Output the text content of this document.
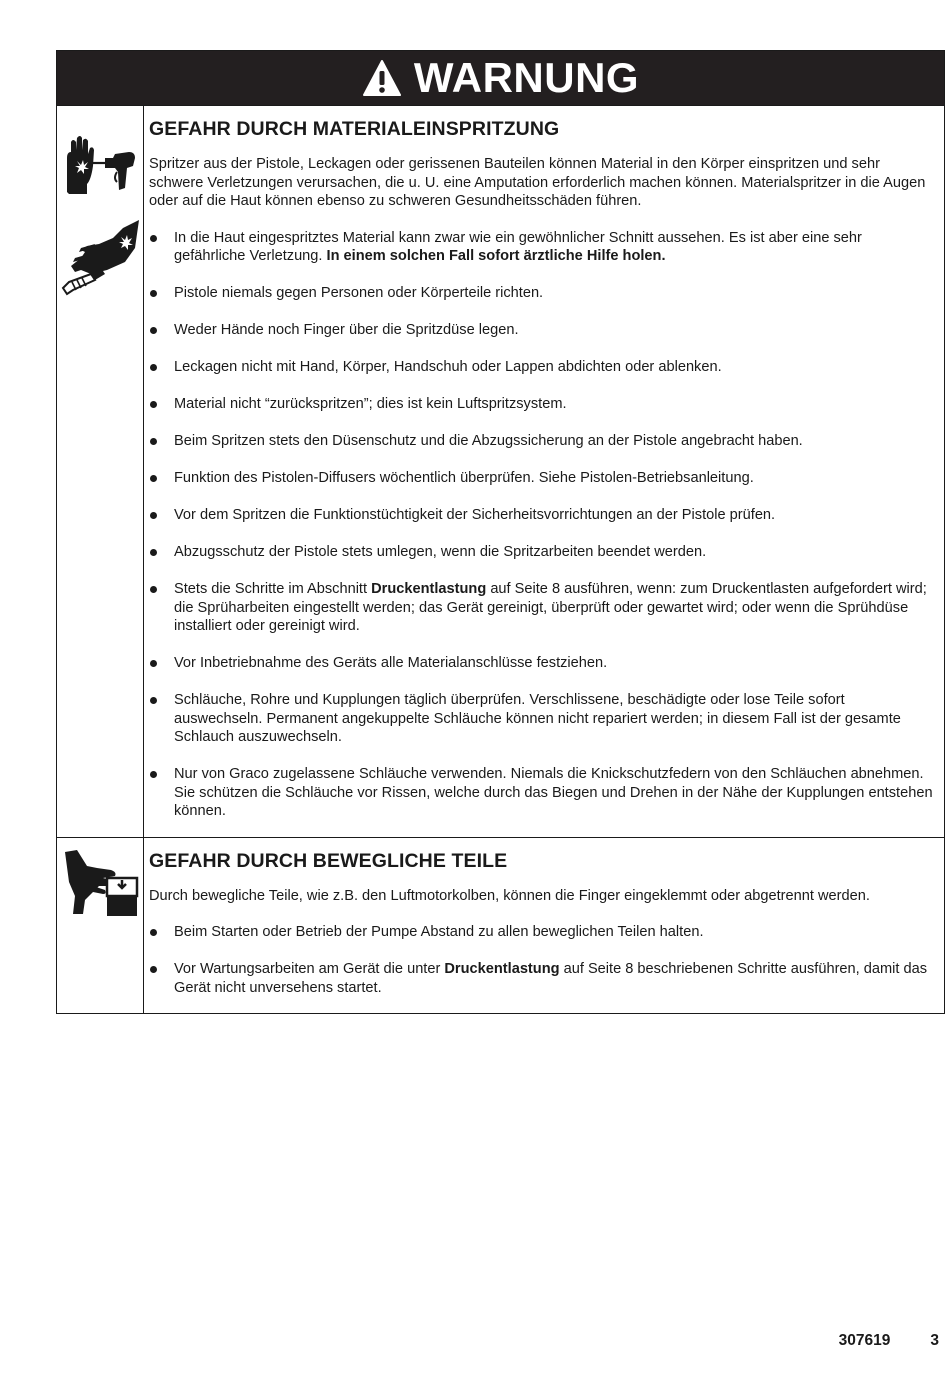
WARNUNG
GEFAHR DURCH MATERIALEINSPRITZUNG

Spritzer aus der Pistole, Leckagen oder gerissenen Bauteilen können Material in den Körper einspritzen und sehr schwere Verletzungen verursachen, die u. U. eine Amputation erforderlich machen können. Materialspritzer in die Augen oder auf die Haut können ebenso zu schweren Gesundheitsschäden führen.

In die Haut eingespritztes Material kann zwar wie ein gewöhnlicher Schnitt aussehen. Es ist aber eine sehr gefährliche Verletzung. In einem solchen Fall sofort ärztliche Hilfe holen.
Pistole niemals gegen Personen oder Körperteile richten.
Weder Hände noch Finger über die Spritzdüse legen.
Leckagen nicht mit Hand, Körper, Handschuh oder Lappen abdichten oder ablenken.
Material nicht “zurückspritzen”; dies ist kein Luftspritzsystem.
Beim Spritzen stets den Düsenschutz und die Abzugssicherung an der Pistole angebracht haben.
Funktion des Pistolen-Diffusers wöchentlich überprüfen. Siehe Pistolen-Betriebsanleitung.
Vor dem Spritzen die Funktionstüchtigkeit der Sicherheitsvorrichtungen an der Pistole prüfen.
Abzugsschutz der Pistole stets umlegen, wenn die Spritzarbeiten beendet werden.
Stets die Schritte im Abschnitt Druckentlastung auf Seite 8 ausführen, wenn: zum Druckentlasten aufgefordert wird; die Sprüharbeiten eingestellt werden; das Gerät gereinigt, überprüft oder gewartet wird; oder wenn die Sprühdüse installiert oder gereinigt wird.
Vor Inbetriebnahme des Geräts alle Materialanschlüsse festziehen.
Schläuche, Rohre und Kupplungen täglich überprüfen. Verschlissene, beschädigte oder lose Teile sofort auswechseln. Permanent angekuppelte Schläuche können nicht repariert werden; in diesem Fall ist der gesamte Schlauch auszuwechseln.
Nur von Graco zugelassene Schläuche verwenden. Niemals die Knickschutzfedern von den Schläuchen abnehmen. Sie schützen die Schläuche vor Rissen, welche durch das Biegen und Drehen in der Nähe der Kupplungen entstehen können.
GEFAHR DURCH BEWEGLICHE TEILE

Durch bewegliche Teile, wie z.B. den Luftmotorkolben, können die Finger eingeklemmt oder abgetrennt werden.

Beim Starten oder Betrieb der Pumpe Abstand zu allen beweglichen Teilen halten.
Vor Wartungsarbeiten am Gerät die unter Druckentlastung auf Seite 8 beschriebenen Schritte ausführen, damit das Gerät nicht unversehens startet.
307619	3
